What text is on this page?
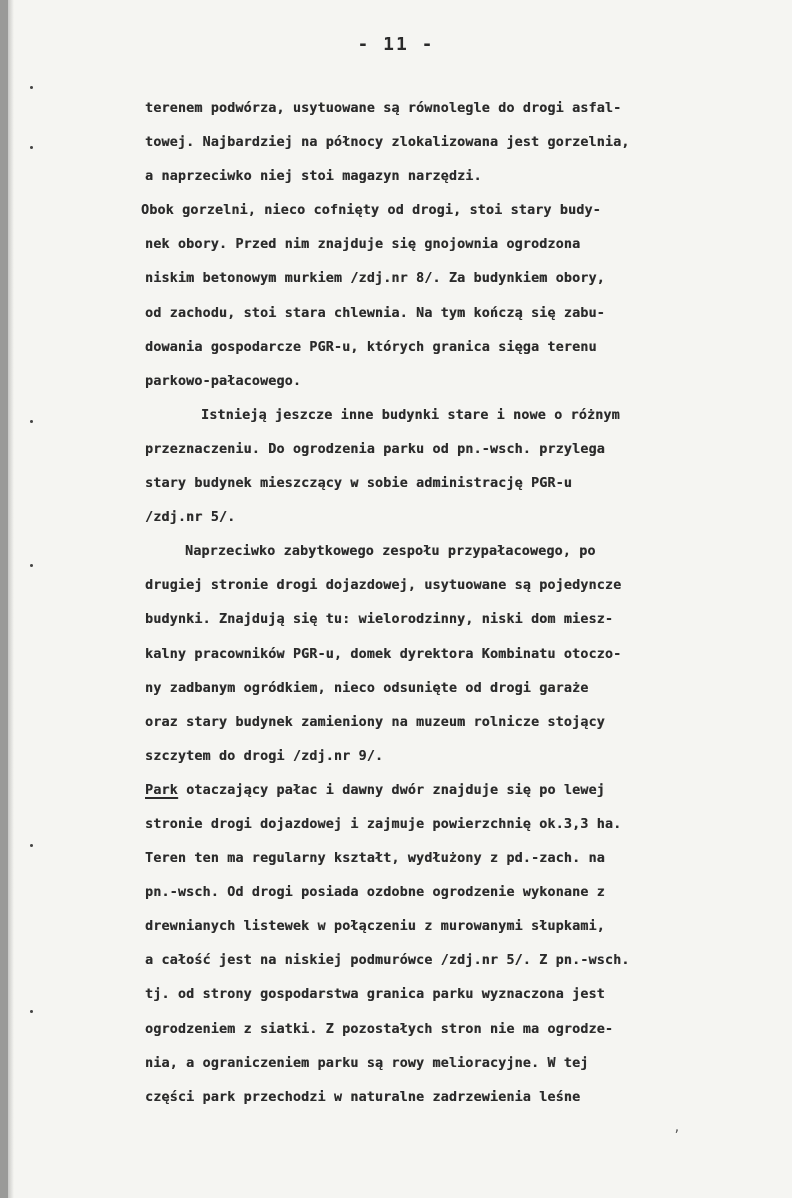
- 11 -
terenem podwórza, usytuowane są równolegle do drogi asfal-
towej. Najbardziej na północy zlokalizowana jest gorzelnia,
a naprzeciwko niej stoi magazyn narzędzi.
Obok gorzelni, nieco cofnięty od drogi, stoi stary budy-
nek obory. Przed nim znajduje się gnojownia ogrodzona
niskim betonowym murkiem /zdj.nr 8/. Za budynkiem obory,
od zachodu, stoi stara chlewnia. Na tym kończą się zabu-
dowania gospodarcze PGR-u, których granica sięga terenu
parkowo-pałacowego.
Istnieją jeszcze inne budynki stare i nowe o różnym
przeznaczeniu. Do ogrodzenia parku od pn.-wsch. przylega
stary budynek mieszczący w sobie administrację PGR-u
/zdj.nr 5/.
Naprzeciwko zabytkowego zespołu przypałacowego, po
drugiej stronie drogi dojazdowej, usytuowane są pojedyncze
budynki. Znajdują się tu: wielorodzinny, niski dom miesz-
kalny pracowników PGR-u, domek dyrektora Kombinatu otoczo-
ny zadbanym ogródkiem, nieco odsunięte od drogi garaże
oraz stary budynek zamieniony na muzeum rolnicze stojący
szczytem do drogi /zdj.nr 9/.
Park otaczający pałac i dawny dwór znajduje się po lewej
stronie drogi dojazdowej i zajmuje powierzchnię ok.3,3 ha.
Teren ten ma regularny kształt, wydłużony z pd.-zach. na
pn.-wsch. Od drogi posiada ozdobne ogrodzenie wykonane z
drewnianych listewek w połączeniu z murowanymi słupkami,
a całość jest na niskiej podmurówce /zdj.nr 5/. Z pn.-wsch.
tj. od strony gospodarstwa granica parku wyznaczona jest
ogrodzeniem z siatki. Z pozostałych stron nie ma ogrodze-
nia, a ograniczeniem parku są rowy melioracyjne. W tej
części park przechodzi w naturalne zadrzewienia leśne
ʼ
